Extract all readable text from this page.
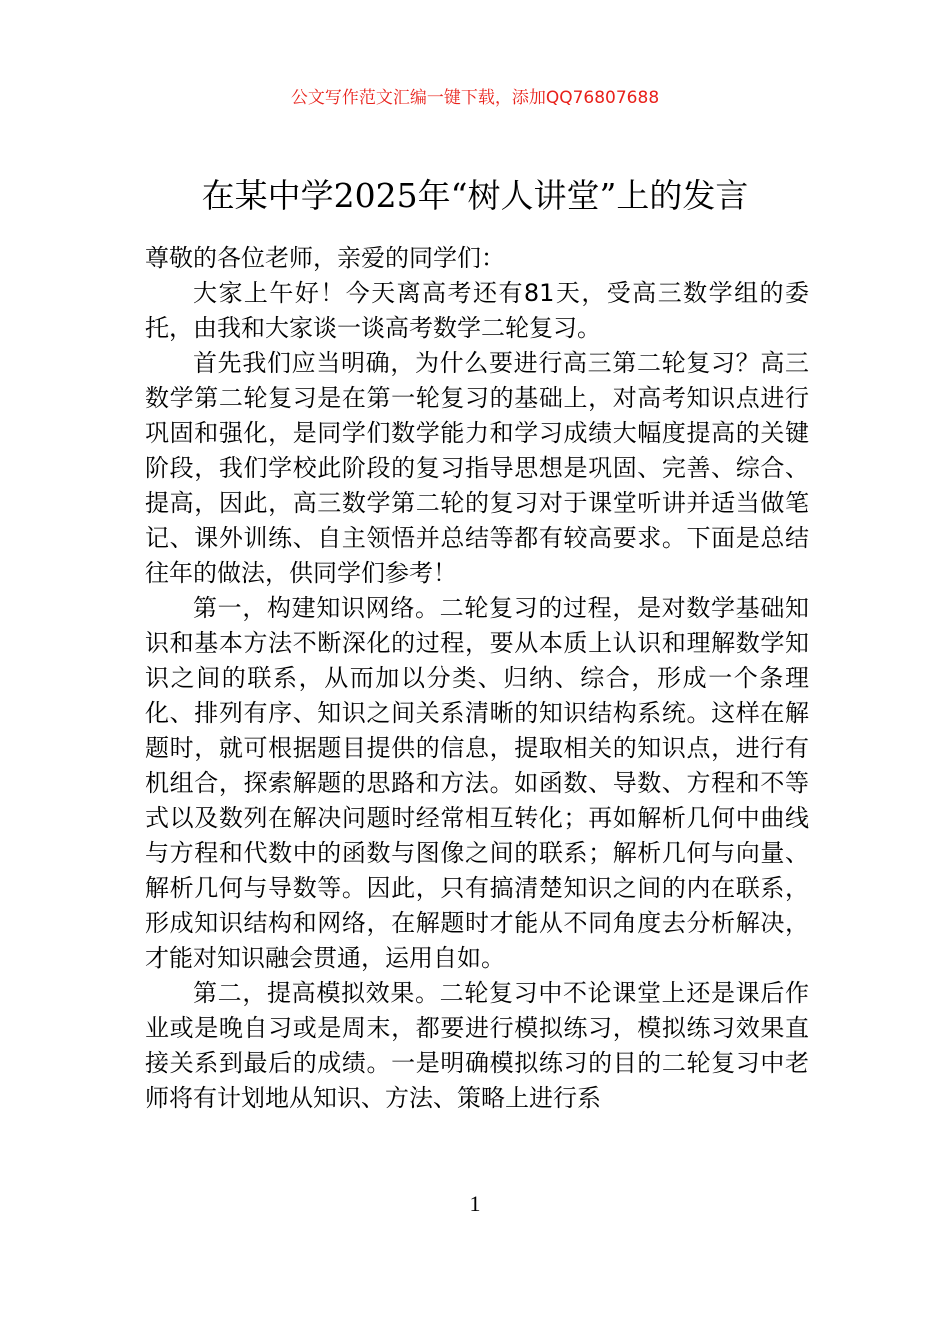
公文写作范文汇编一键下载，添加QQ76807688
在某中学2025年“树人讲堂”上的发言

尊敬的各位老师，亲爱的同学们：

大家上午好！今天离高考还有81天，受高三数学组的委托，由我和大家谈一谈高考数学二轮复习。

首先我们应当明确，为什么要进行高三第二轮复习？高三数学第二轮复习是在第一轮复习的基础上，对高考知识点进行巩固和强化，是同学们数学能力和学习成绩大幅度提高的关键阶段，我们学校此阶段的复习指导思想是巩固、完善、综合、提高，因此，高三数学第二轮的复习对于课堂听讲并适当做笔记、课外训练、自主领悟并总结等都有较高要求。下面是总结往年的做法，供同学们参考！

第一，构建知识网络。二轮复习的过程，是对数学基础知识和基本方法不断深化的过程，要从本质上认识和理解数学知识之间的联系，从而加以分类、归纳、综合，形成一个条理化、排列有序、知识之间关系清晰的知识结构系统。这样在解题时，就可根据题目提供的信息，提取相关的知识点，进行有机组合，探索解题的思路和方法。如函数、导数、方程和不等式以及数列在解决问题时经常相互转化；再如解析几何中曲线与方程和代数中的函数与图像之间的联系；解析几何与向量、解析几何与导数等。因此，只有搞清楚知识之间的内在联系，形成知识结构和网络，在解题时才能从不同角度去分析解决，才能对知识融会贯通，运用自如。

第二，提高模拟效果。二轮复习中不论课堂上还是课后作业或是晚自习或是周末，都要进行模拟练习，模拟练习效果直接关系到最后的成绩。一是明确模拟练习的目的二轮复习中老师将有计划地从知识、方法、策略上进行系

1
